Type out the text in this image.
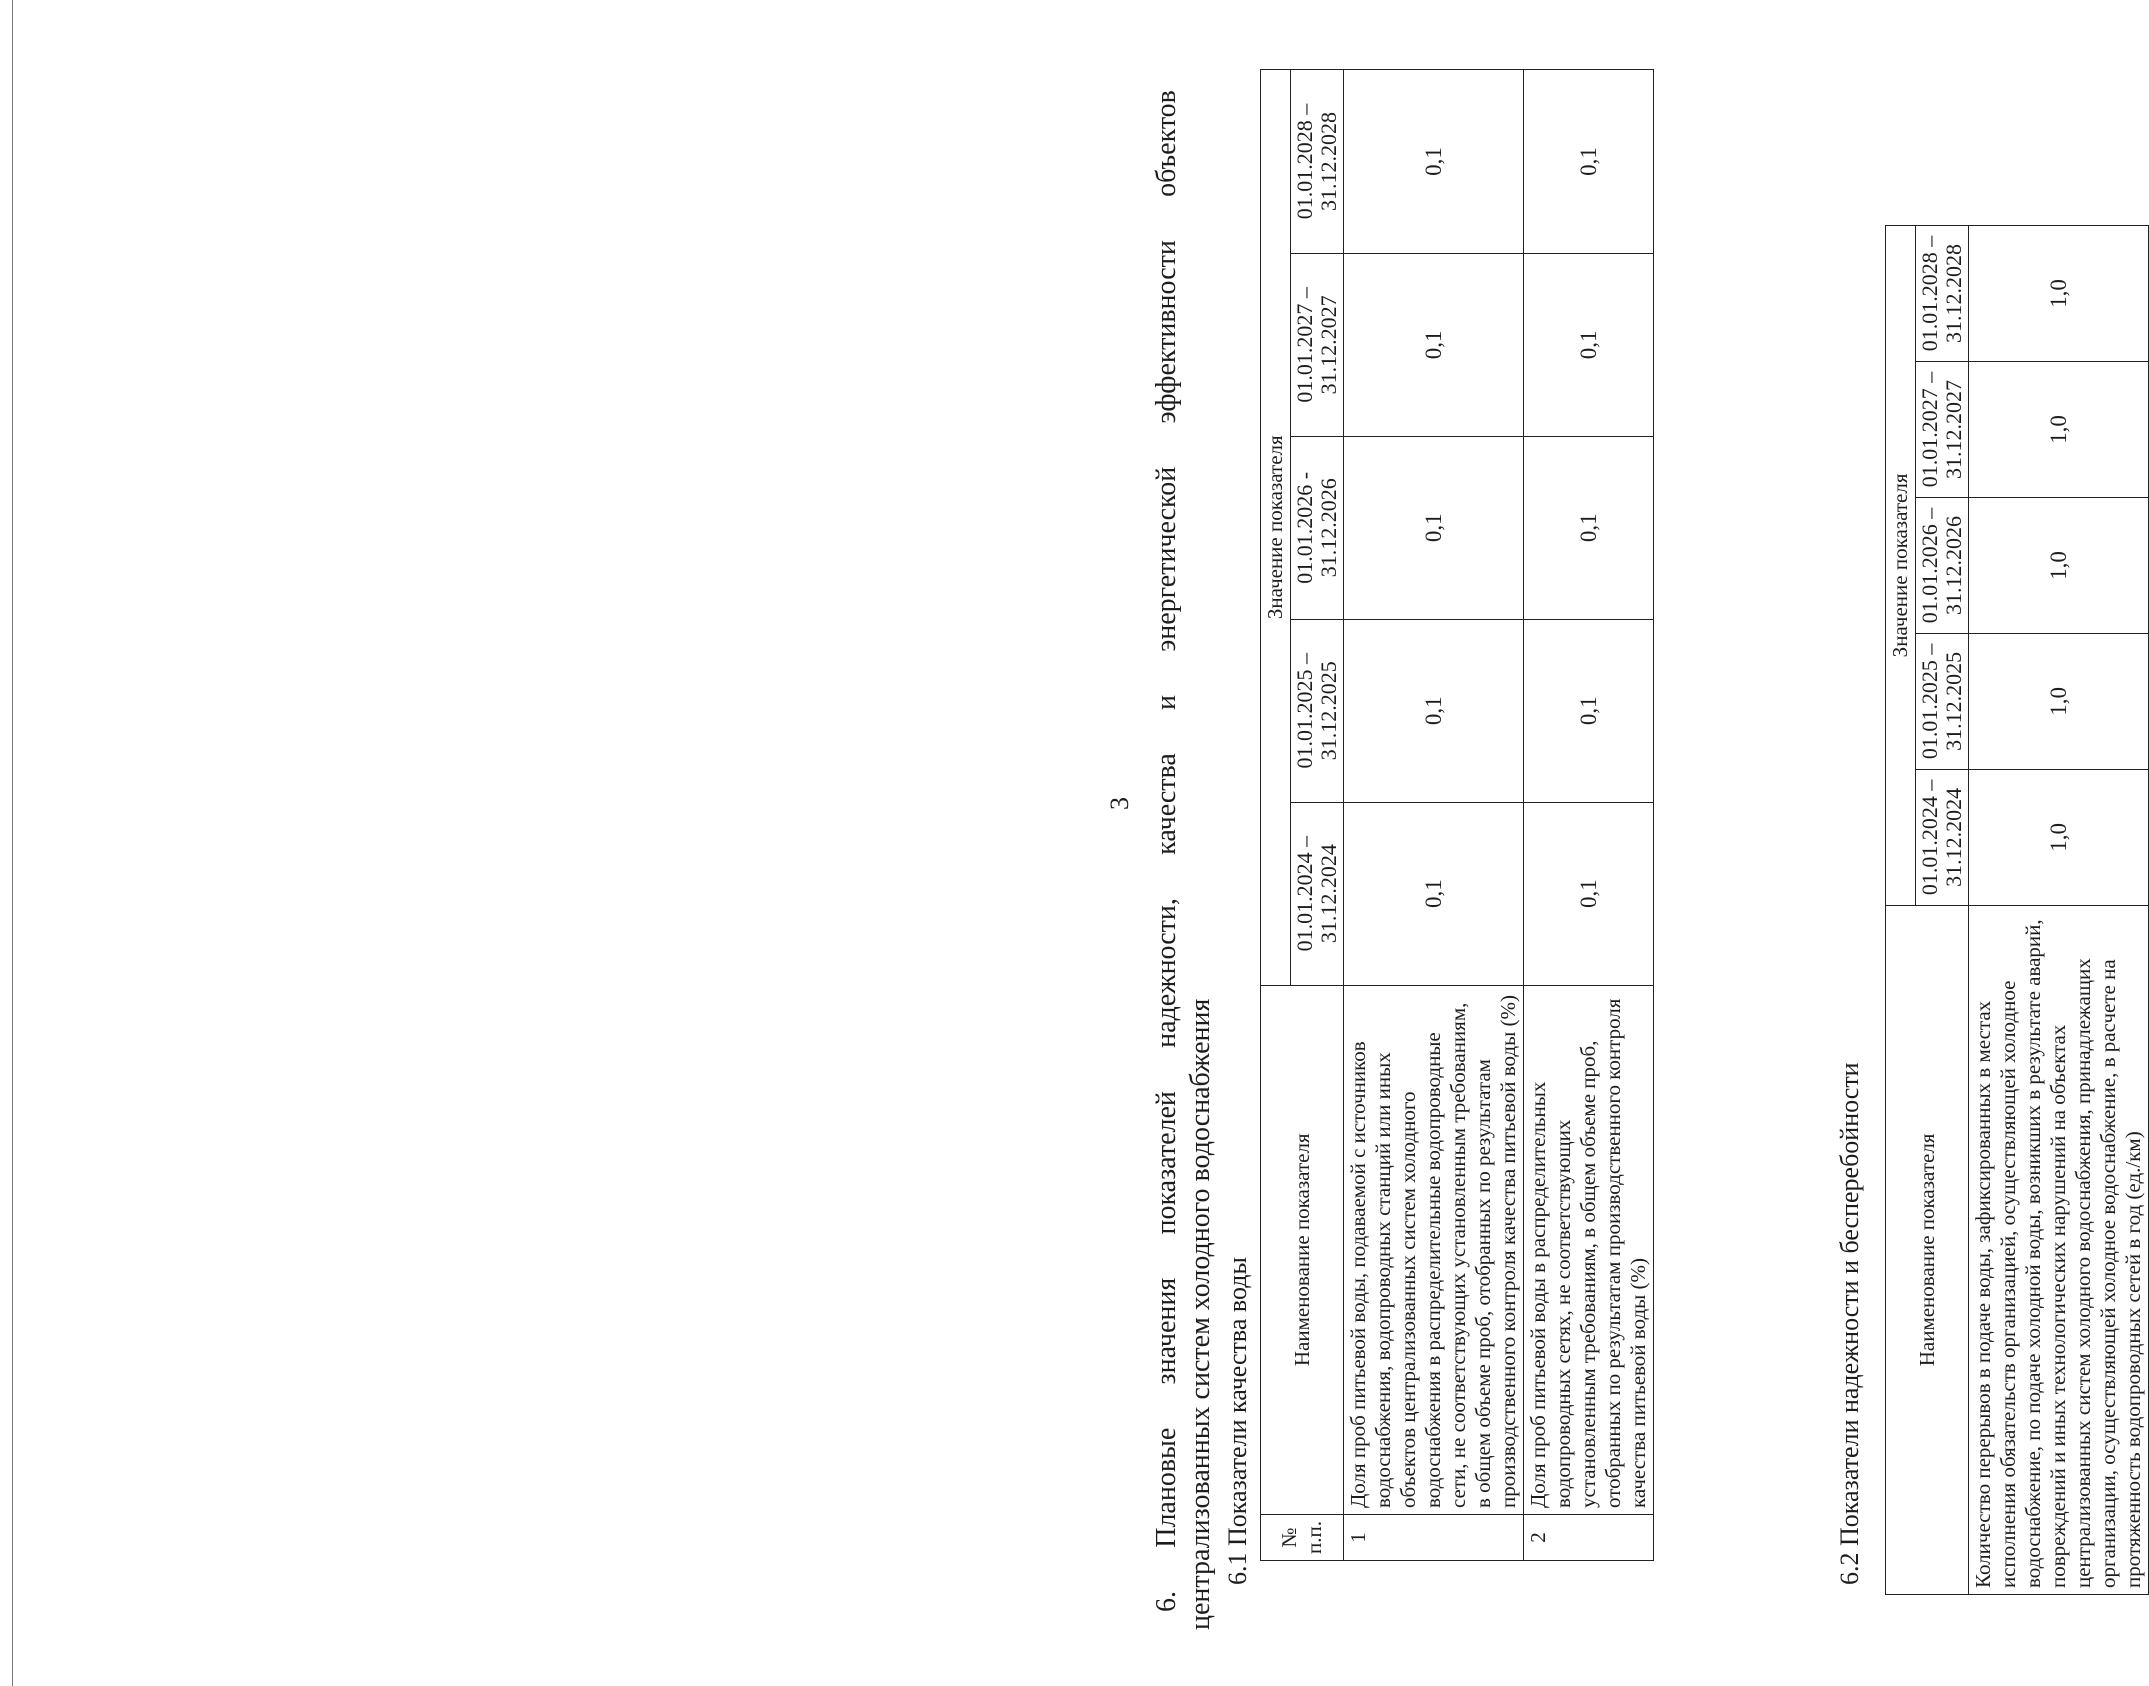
3
6.
Плановые
значения
показателей
надежности,
качества
и
энергетической
эффективности
объектов
централизованных систем холодного водоснабжения 6.1 Показатели качества воды № п.п.	Наименование показателя	Значение показателя				
		01.01.2024 – 31.12.2024	01.01.2025 – 31.12.2025	01.01.2026 - 31.12.2026	01.01.2027 – 31.12.2027	01.01.2028 – 31.12.2028
1	Доля проб питьевой воды, подаваемой с источников водоснабжения, водопроводных станций или иных объектов централизованных систем холодного водоснабжения в распределительные водопроводные сети, не соответствующих установленным требованиям, в общем объеме проб, отобранных по результатам производственного контроля качества питьевой воды (%)	0,1	0,1	0,1	0,1	0,1
2	Доля проб питьевой воды в распределительных водопроводных сетях, не соответствующих установленным требованиям, в общем объеме проб, отобранных по результатам производственного контроля качества питьевой воды (%)	0,1	0,1	0,1	0,1	0,1
6.2 Показатели надежности и бесперебойности Наименование показателя	Значение показателя				
	01.01.2024 – 31.12.2024	01.01.2025 – 31.12.2025	01.01.2026 – 31.12.2026	01.01.2027 – 31.12.2027	01.01.2028 – 31.12.2028
Количество перерывов в подаче воды, зафиксированных в местах исполнения обязательств организацией, осуществляющей холодное водоснабжение, по подаче холодной воды, возникших в результате аварий, повреждений и иных технологических нарушений на объектах централизованных систем холодного водоснабжения, принадлежащих организации, осуществляющей холодное водоснабжение, в расчете на протяженность водопроводных сетей в год (ед./км)	1,0	1,0	1,0	1,0	1,0
